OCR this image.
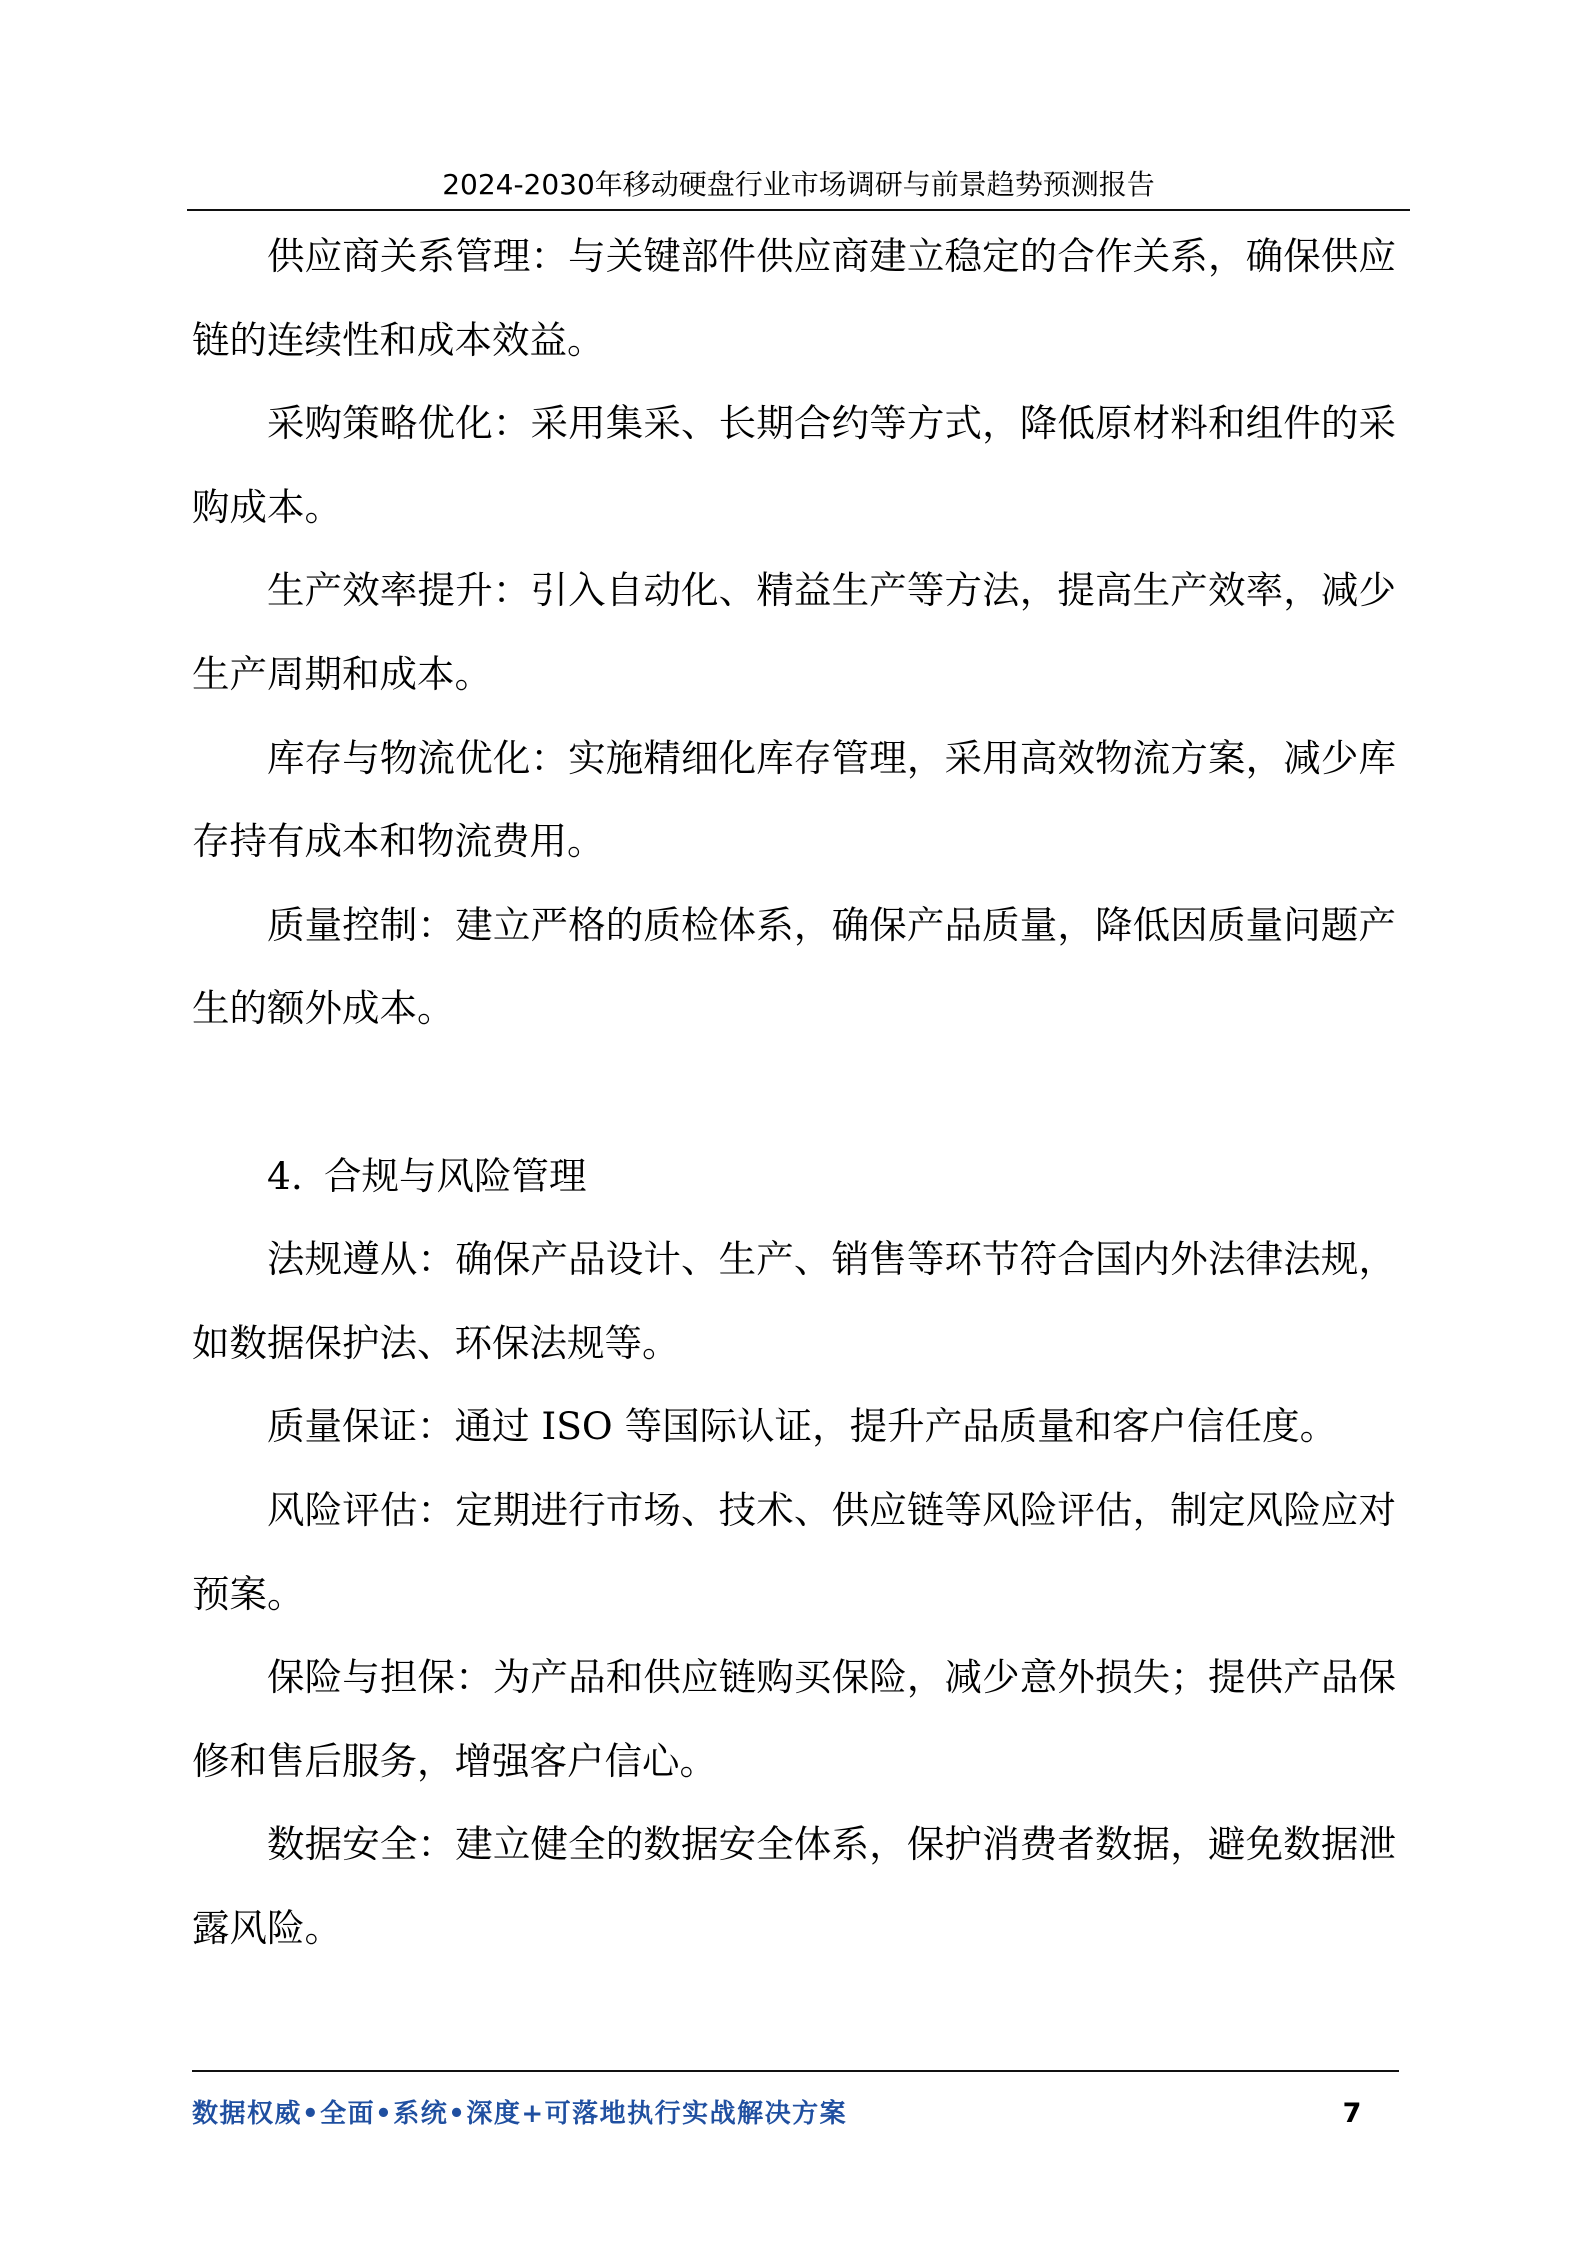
2024-2030年移动硬盘行业市场调研与前景趋势预测报告
供应商关系管理：与关键部件供应商建立稳定的合作关系，确保供应
链的连续性和成本效益。
采购策略优化：采用集采、长期合约等方式，降低原材料和组件的采
购成本。
生产效率提升：引入自动化、精益生产等方法，提高生产效率，减少
生产周期和成本。
库存与物流优化：实施精细化库存管理，采用高效物流方案，减少库
存持有成本和物流费用。
质量控制：建立严格的质检体系，确保产品质量，降低因质量问题产
生的额外成本。
4. 合规与风险管理
法规遵从：确保产品设计、生产、销售等环节符合国内外法律法规，
如数据保护法、环保法规等。
质量保证：通过 ISO 等国际认证，提升产品质量和客户信任度。
风险评估：定期进行市场、技术、供应链等风险评估，制定风险应对
预案。
保险与担保：为产品和供应链购买保险，减少意外损失；提供产品保
修和售后服务，增强客户信心。
数据安全：建立健全的数据安全体系，保护消费者数据，避免数据泄
露风险。
数据权威•全面•系统•深度+可落地执行实战解决方案	7
